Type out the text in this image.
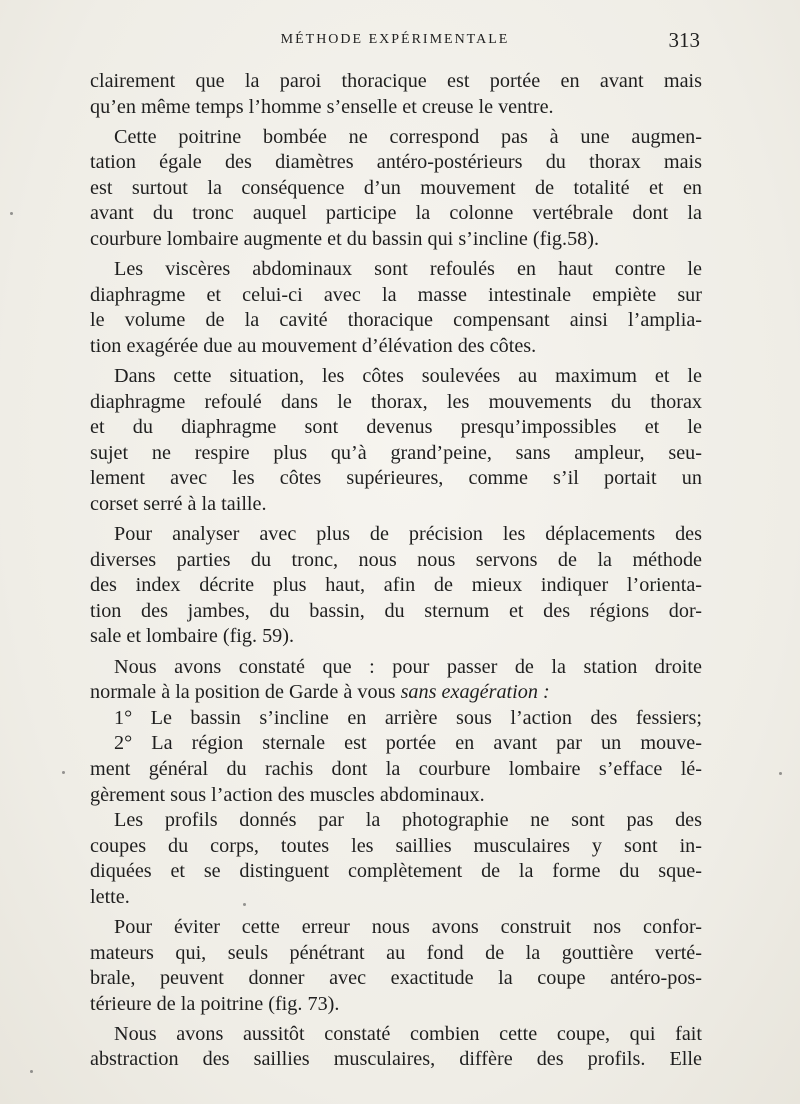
MÉTHODE EXPÉRIMENTALE	313
clairement que la paroi thoracique est portée en avant mais
qu’en même temps l’homme s’enselle et creuse le ventre.
Cette poitrine bombée ne correspond pas à une augmen-
tation égale des diamètres antéro-postérieurs du thorax mais
est surtout la conséquence d’un mouvement de totalité et en
avant du tronc auquel participe la colonne vertébrale dont la
courbure lombaire augmente et du bassin qui s’incline (fig.58).
Les viscères abdominaux sont refoulés en haut contre le
diaphragme et celui-ci avec la masse intestinale empiète sur
le volume de la cavité thoracique compensant ainsi l’amplia-
tion exagérée due au mouvement d’élévation des côtes.
Dans cette situation, les côtes soulevées au maximum et le
diaphragme refoulé dans le thorax, les mouvements du thorax
et du diaphragme sont devenus presqu’impossibles et le
sujet ne respire plus qu’à grand’peine, sans ampleur, seu-
lement avec les côtes supérieures, comme s’il portait un
corset serré à la taille.
Pour analyser avec plus de précision les déplacements des
diverses parties du tronc, nous nous servons de la méthode
des index décrite plus haut, afin de mieux indiquer l’orienta-
tion des jambes, du bassin, du sternum et des régions dor-
sale et lombaire (fig. 59).
Nous avons constaté que : pour passer de la station droite
normale à la position de Garde à vous sans exagération :
1° Le bassin s’incline en arrière sous l’action des fessiers;
2° La région sternale est portée en avant par un mouve-
ment général du rachis dont la courbure lombaire s’efface lé-
gèrement sous l’action des muscles abdominaux.
Les profils donnés par la photographie ne sont pas des
coupes du corps, toutes les saillies musculaires y sont in-
diquées et se distinguent complètement de la forme du sque-
lette.
Pour éviter cette erreur nous avons construit nos confor-
mateurs qui, seuls pénétrant au fond de la gouttière verté-
brale, peuvent donner avec exactitude la coupe antéro-pos-
térieure de la poitrine (fig. 73).
Nous avons aussitôt constaté combien cette coupe, qui fait
abstraction des saillies musculaires, diffère des profils. Elle
